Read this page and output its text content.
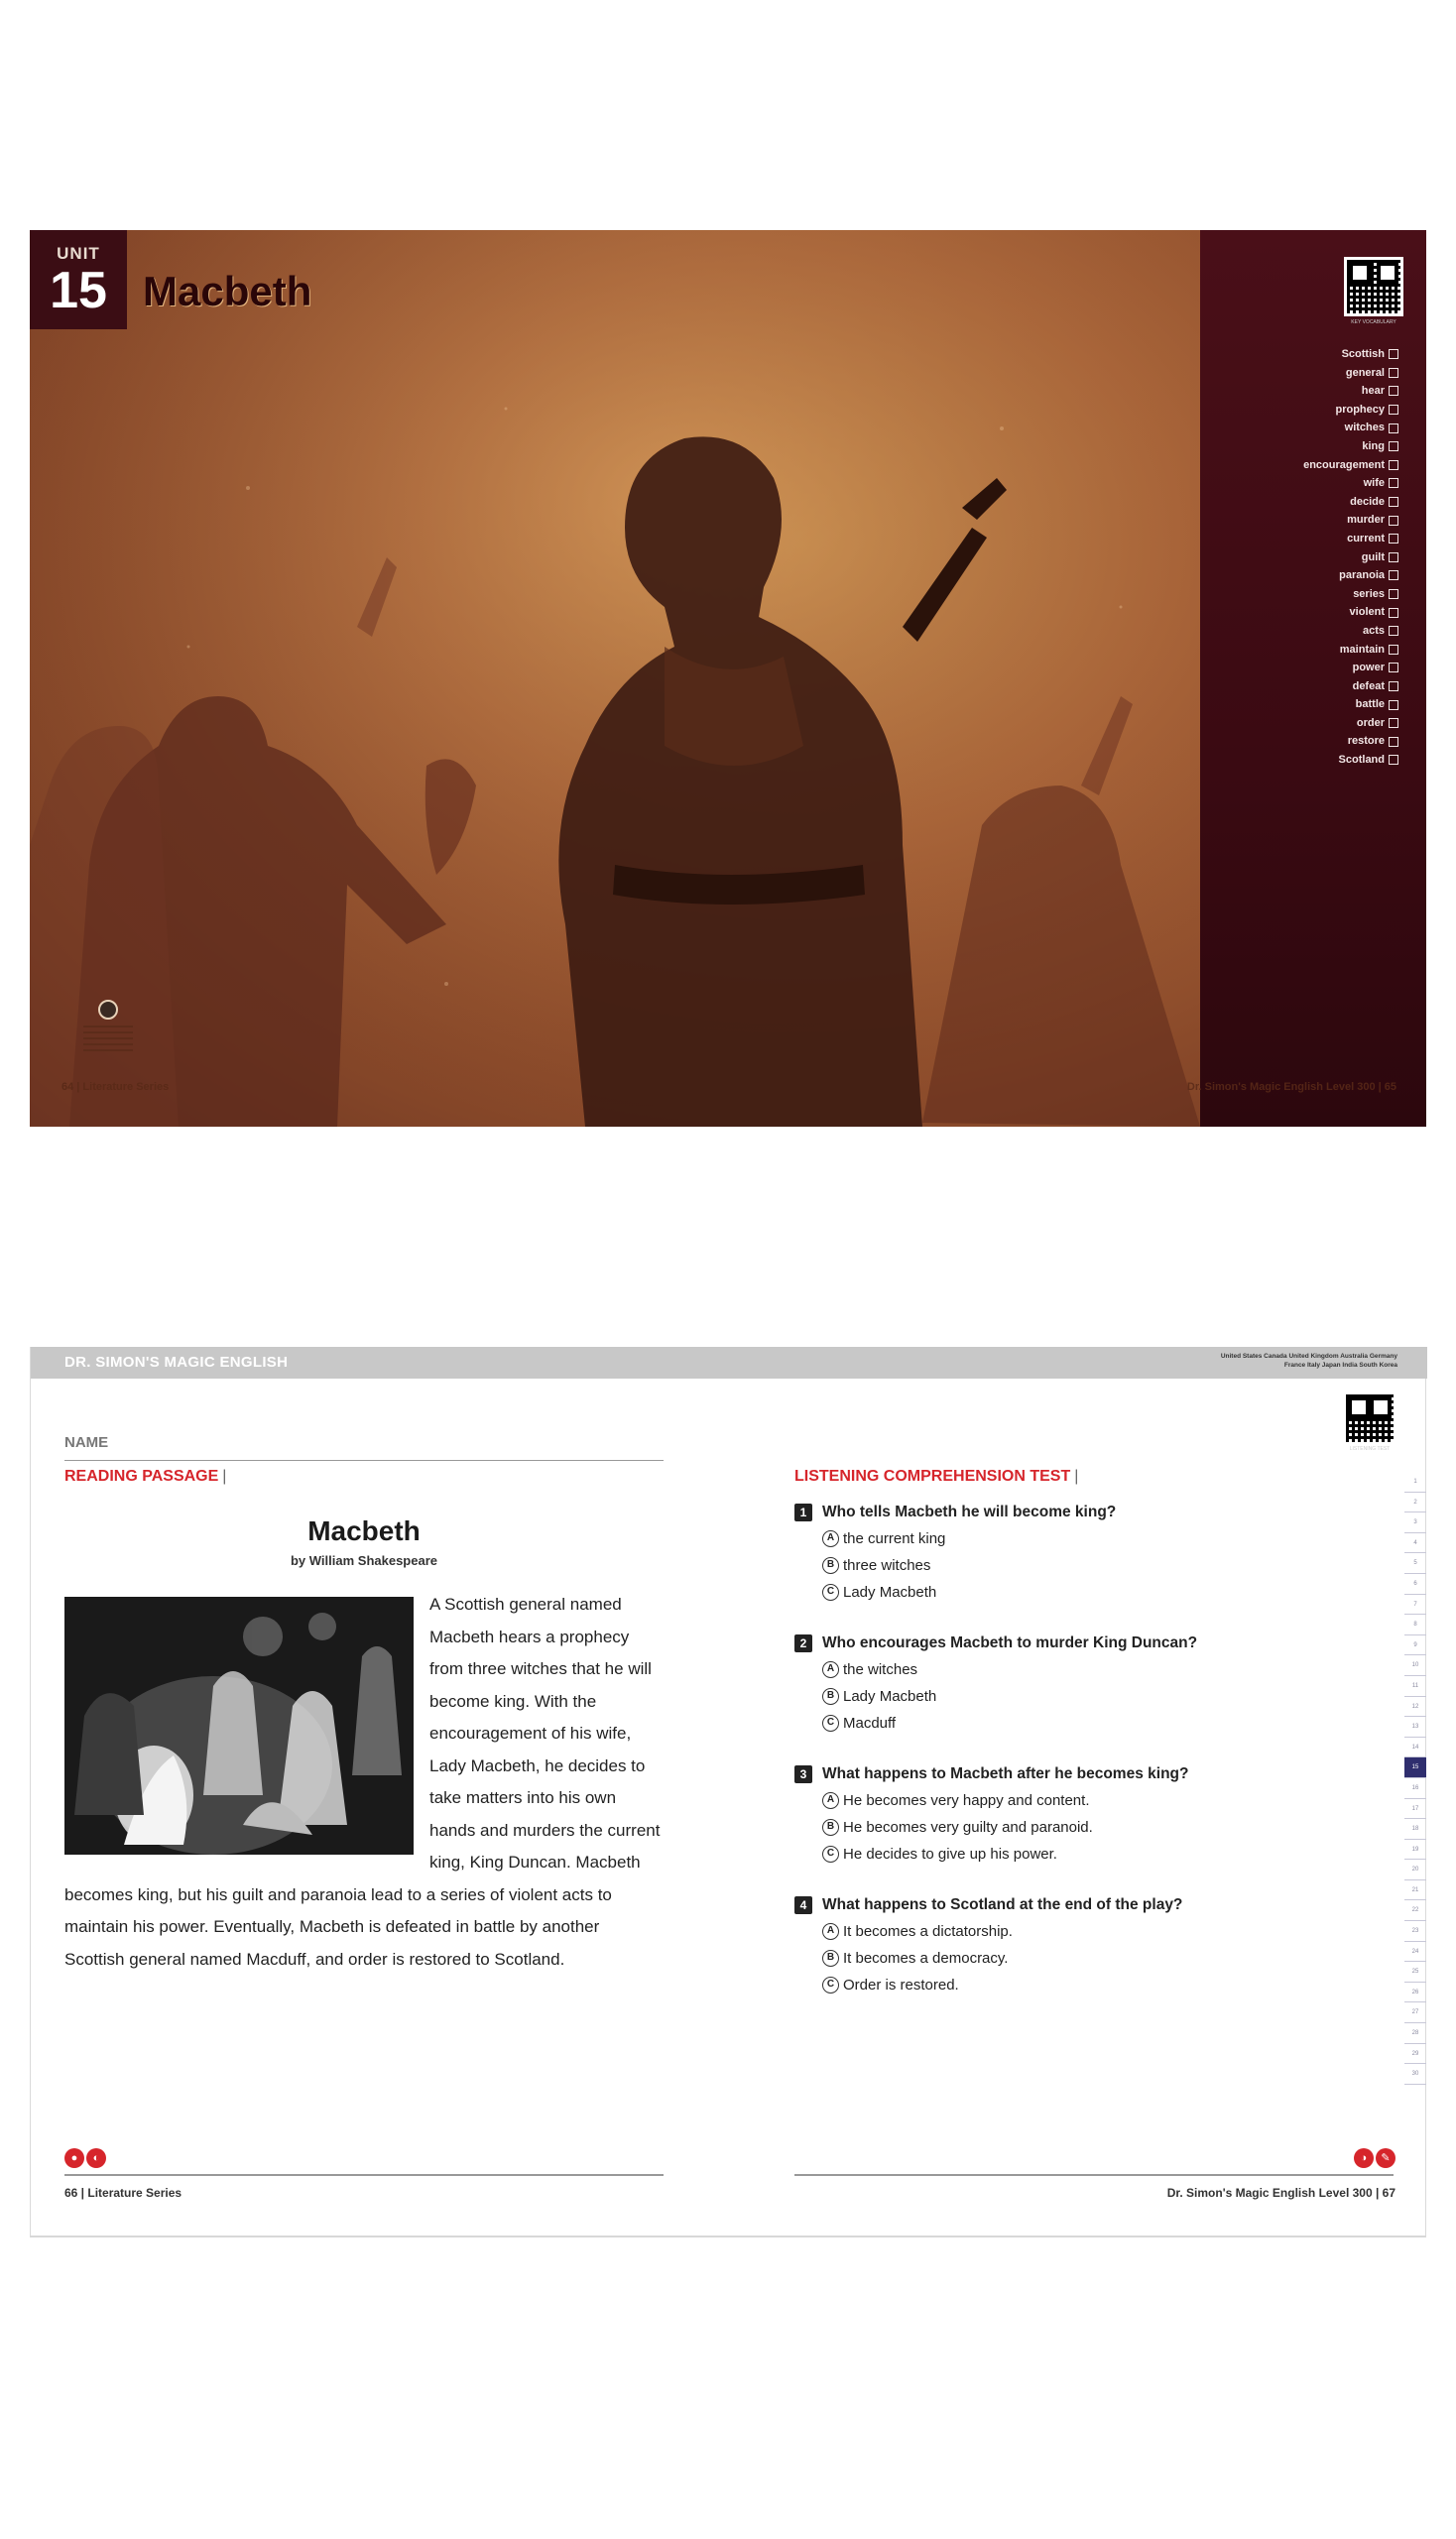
UNIT
15 Macbeth
KEY VOCABULARY
Scottish
general
hear
prophecy
witches
king
encouragement
wife
decide
murder
current
guilt
paranoia
series
violent
acts
maintain
power
defeat
battle
order
restore
Scotland
64 | Literature Series	Dr. Simon's Magic English Level 300 | 65
DR. SIMON'S MAGIC ENGLISH	United States Canada United Kingdom Australia Germany France Italy Japan India South Korea
LISTENING TEST
NAME
READING PASSAGE |
Macbeth
by William Shakespeare
A Scottish general named Macbeth hears a prophecy from three witches that he will become king. With the encouragement of his wife, Lady Macbeth, he decides to take matters into his own hands and murders the current king, King Duncan. Macbeth becomes king, but his guilt and paranoia lead to a series of violent acts to maintain his power. Eventually, Macbeth is defeated in battle by another Scottish general named Macduff, and order is restored to Scotland.
● ◐
66 | Literature Series
LISTENING COMPREHENSION TEST |
1	Who tells Macbeth he will become king?
A the current king
B three witches
C Lady Macbeth
2	Who encourages Macbeth to murder King Duncan?
A the witches
B Lady Macbeth
C Macduff
3	What happens to Macbeth after he becomes king?
A He becomes very happy and content.
B He becomes very guilty and paranoid.
C He decides to give up his power.
4	What happens to Scotland at the end of the play?
A It becomes a dictatorship.
B It becomes a democracy.
C Order is restored.
1
2
3
4
5
6
7
8
9
10
11
12
13
14
15
16
17
18
19
20
21
22
23
24
25
26
27
28
29
30
◑ ✎
Dr. Simon's Magic English Level 300 | 67
